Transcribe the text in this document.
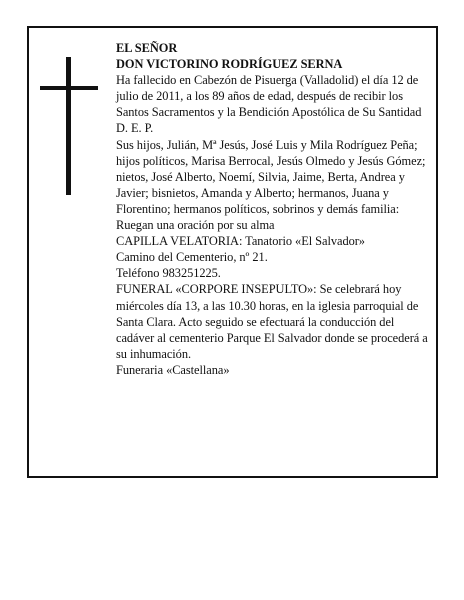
EL SEÑOR
DON VICTORINO RODRÍGUEZ SERNA
Ha fallecido en Cabezón de Pisuerga (Valladolid) el día 12 de julio de 2011, a los 89 años de edad, después de recibir los Santos Sacramentos y la Bendición Apostólica de Su Santidad
D. E. P.
Sus hijos, Julián, Mª Jesús, José Luis y Mila Rodríguez Peña; hijos políticos, Marisa Berrocal, Jesús Olmedo y Jesús Gómez; nietos, José Alberto, Noemí, Silvia, Jaime, Berta, Andrea y Javier; bisnietos, Amanda y Alberto; hermanos, Juana y Florentino; hermanos políticos, sobrinos y demás familia:
Ruegan una oración por su alma
CAPILLA VELATORIA: Tanatorio «El Salvador»
Camino del Cementerio, nº 21.
Teléfono 983251225.
FUNERAL «CORPORE INSEPULTO»: Se celebrará hoy miércoles día 13, a las 10.30 horas, en la iglesia parroquial de Santa Clara. Acto seguido se efectuará la conducción del cadáver al cementerio Parque El Salvador donde se procederá a su inhumación.
Funeraria «Castellana»
